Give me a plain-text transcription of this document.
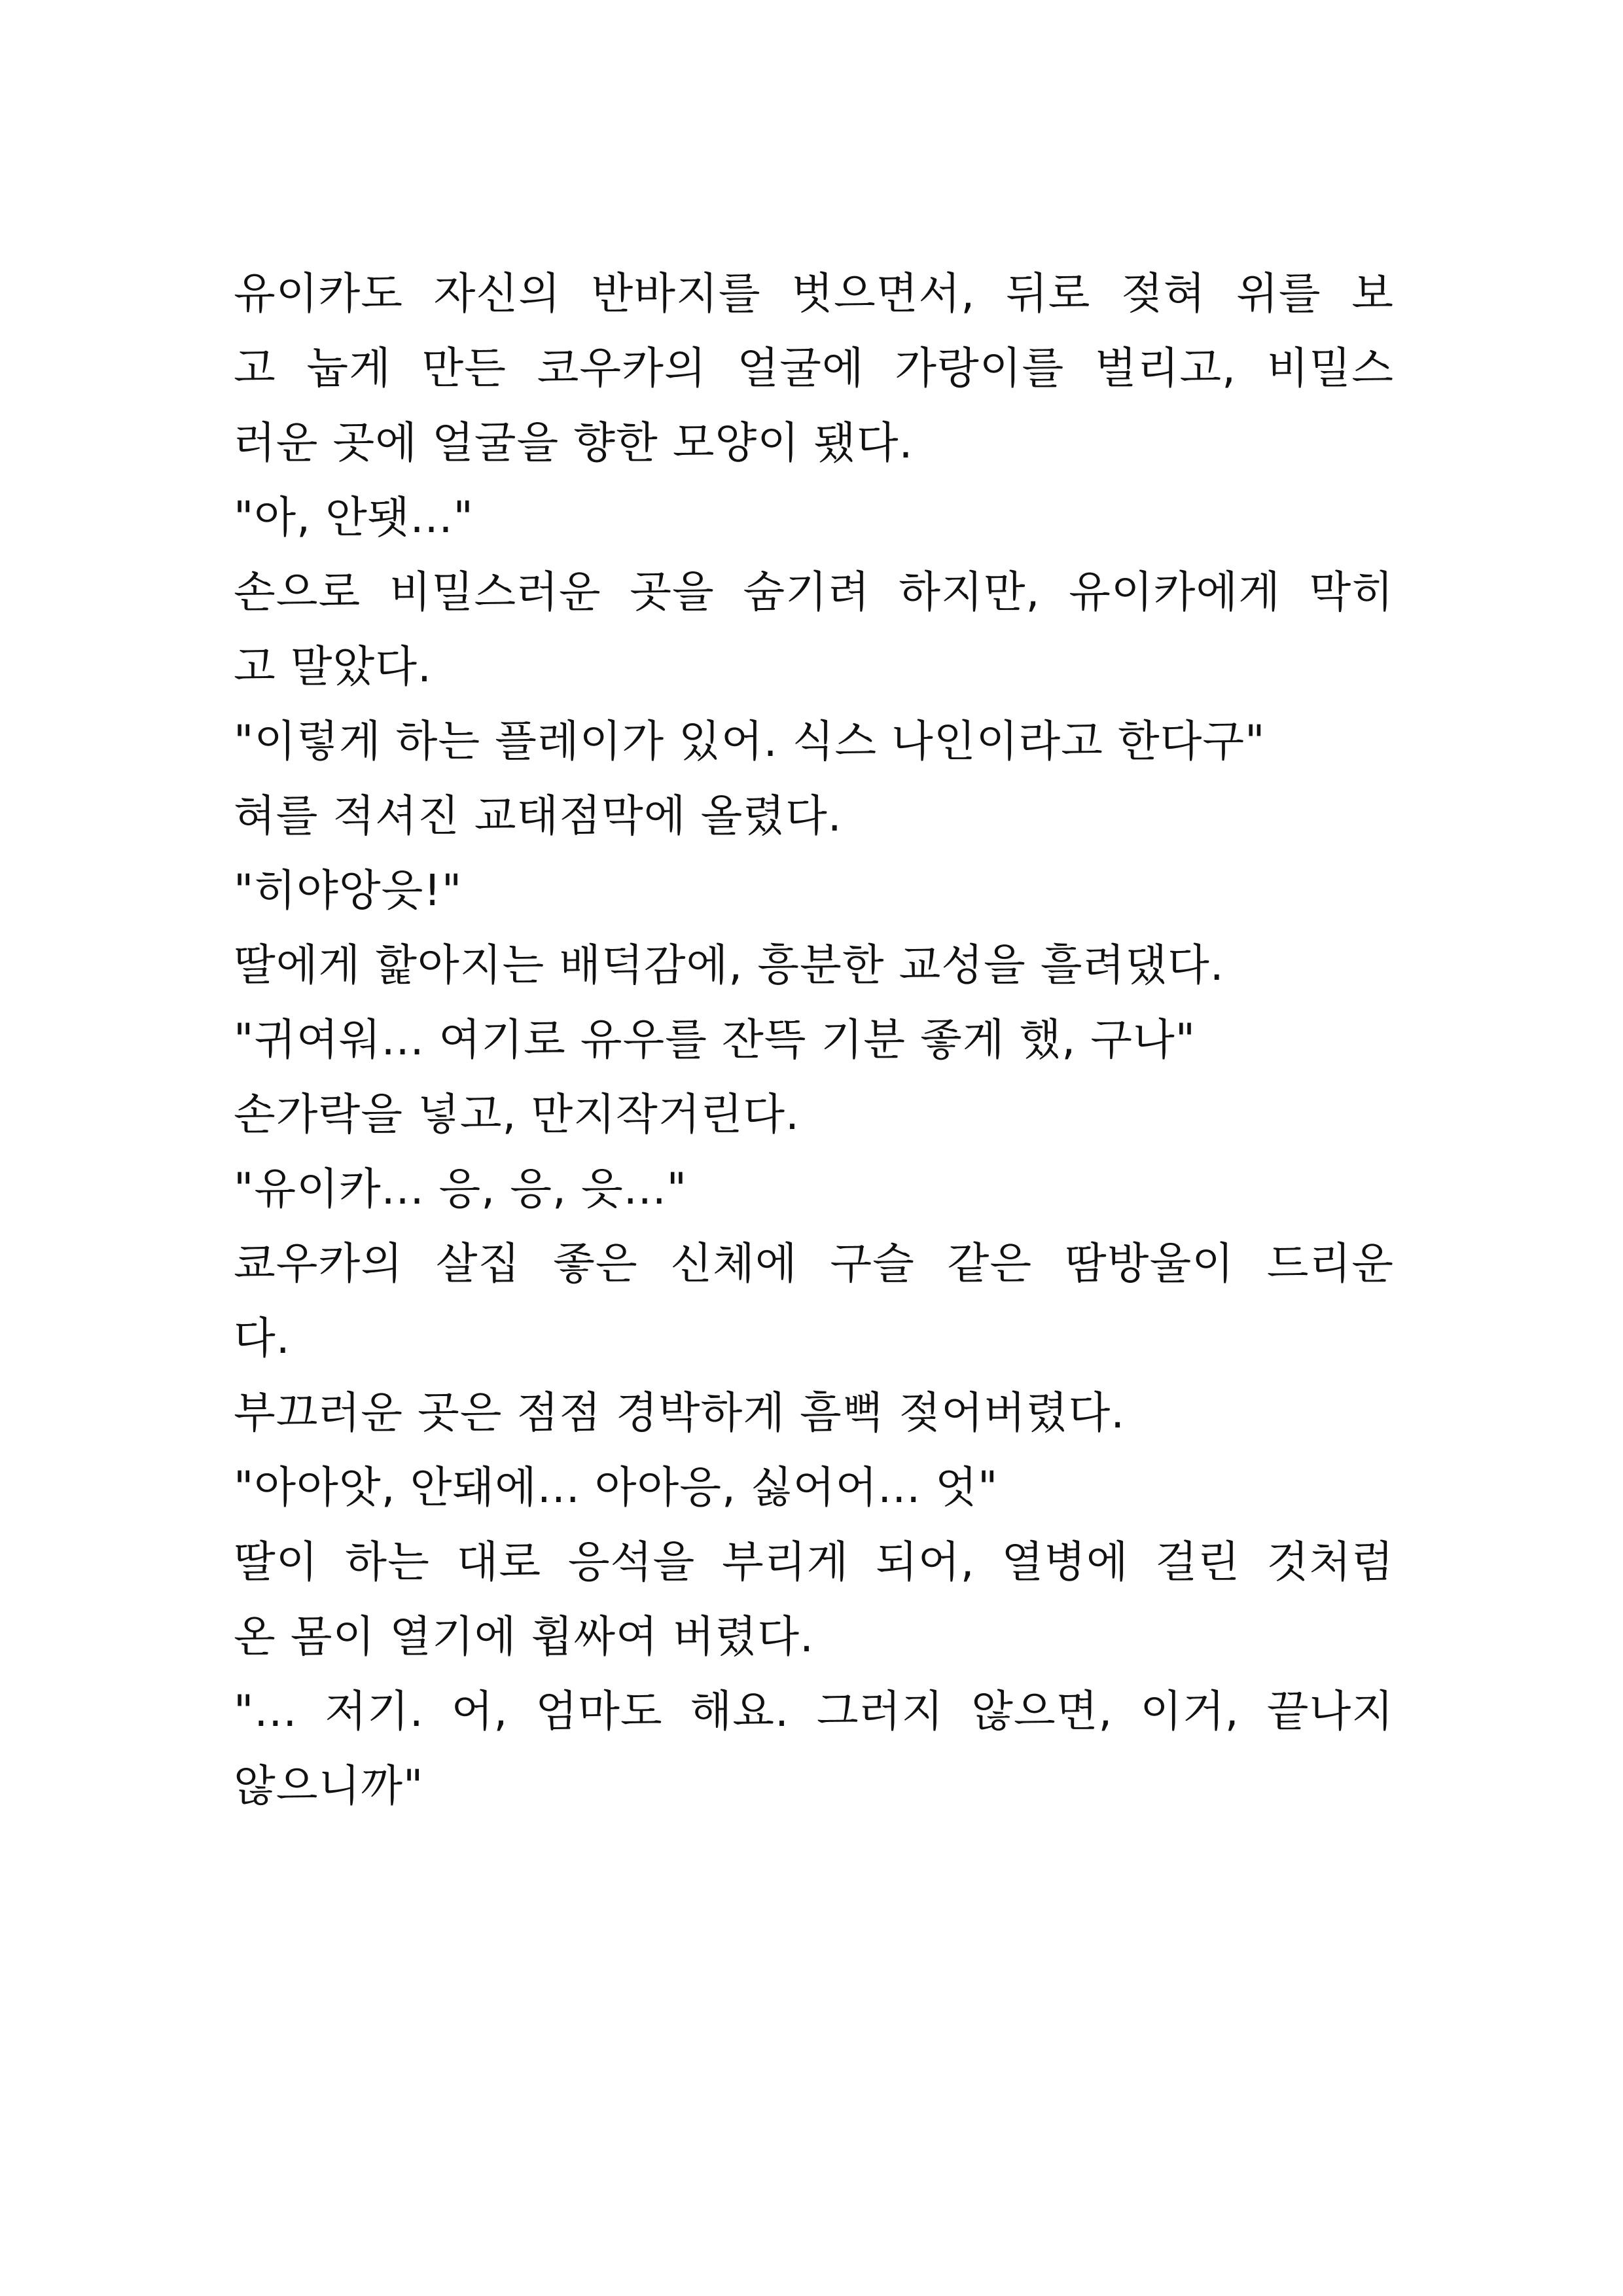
유이카도 자신의 반바지를 벗으면서, 뒤로 젖혀 위를 보
고 눕게 만든 코우카의 얼굴에 가랑이를 벌리고, 비밀스
러운 곳에 얼굴을 향한 모양이 됐다.
"아, 안됏..."
손으로 비밀스러운 곳을 숨기려 하지만, 유이카에게 막히
고 말았다.
"이렇게 하는 플레이가 있어. 식스 나인이라고 한다구"
혀를 적셔진 교태점막에 올렸다.
"히야앙읏!"
딸에게 핥아지는 배덕감에, 흥분한 교성을 흘려댔다.
"귀여워... 여기로 유우를 잔뜩 기분 좋게 했, 구나"
손가락을 넣고, 만지작거린다.
"유이카... 응, 응, 읏..."
쿄우카의 살집 좋은 신체에 구슬 같은 땀방울이 드리운
다.
부끄러운 곳은 점점 경박하게 흠뻑 젖어버렸다.
"아아앗, 안돼에... 아아응, 싫어어... 엇"
딸이 하는 대로 응석을 부리게 되어, 열병에 걸린 것처럼
온 몸이 열기에 휩싸여 버렸다.
"... 저기. 어, 엄마도 해요. 그러지 않으면, 이거, 끝나지
않으니까"
